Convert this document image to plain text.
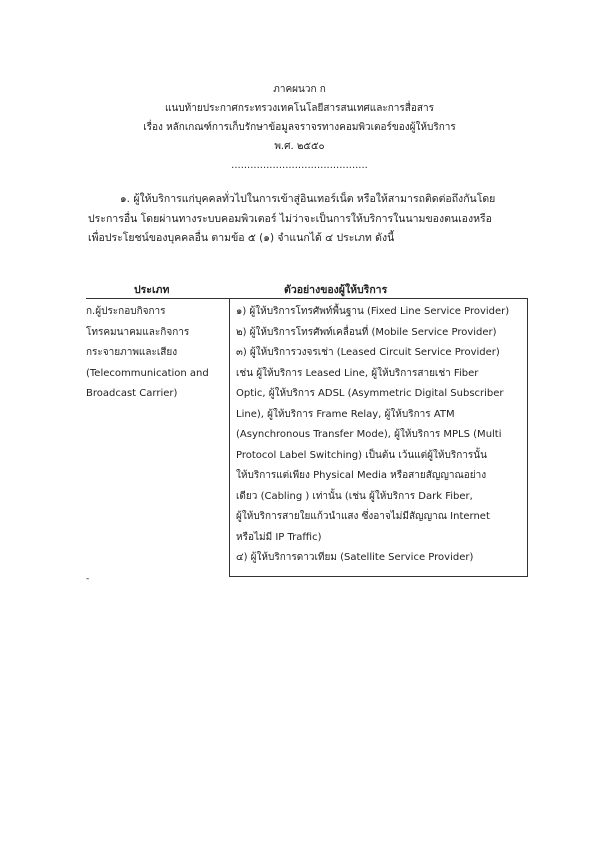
ภาคผนวก ก
แนบท้ายประกาศกระทรวงเทคโนโลยีสารสนเทศและการสื่อสาร
เรื่อง หลักเกณฑ์การเก็บรักษาข้อมูลจราจรทางคอมพิวเตอร์ของผู้ให้บริการ
พ.ศ. ๒๕๕๐
...........................................
๑. ผู้ให้บริการแก่บุคคลทั่วไปในการเข้าสู่อินเทอร์เน็ต หรือให้สามารถติดต่อถึงกันโดย
ประการอื่น โดยผ่านทางระบบคอมพิวเตอร์ ไม่ว่าจะเป็นการให้บริการในนามของตนเองหรือ
เพื่อประโยชน์ของบุคคลอื่น ตามข้อ ๕ (๑) จำแนกได้ ๔ ประเภท ดังนี้
ประเภท	ตัวอย่างของผู้ให้บริการ
ก.ผู้ประกอบกิจการ
โทรคมนาคมและกิจการ
กระจายภาพและเสียง
(Telecommunication and
Broadcast Carrier)
๑) ผู้ให้บริการโทรศัพท์พื้นฐาน (Fixed Line Service Provider)
๒) ผู้ให้บริการโทรศัพท์เคลื่อนที่ (Mobile Service Provider)
๓) ผู้ให้บริการวงจรเช่า (Leased Circuit Service Provider)
เช่น ผู้ให้บริการ Leased Line, ผู้ให้บริการสายเช่า Fiber
Optic, ผู้ให้บริการ ADSL (Asymmetric Digital Subscriber
Line), ผู้ให้บริการ Frame Relay, ผู้ให้บริการ ATM
(Asynchronous Transfer Mode), ผู้ให้บริการ MPLS (Multi
Protocol Label Switching) เป็นต้น เว้นแต่ผู้ให้บริการนั้น
ให้บริการแต่เพียง Physical Media หรือสายสัญญาณอย่าง
เดียว (Cabling ) เท่านั้น (เช่น ผู้ให้บริการ Dark Fiber,
ผู้ให้บริการสายใยแก้วนำแสง ซึ่งอาจไม่มีสัญญาณ Internet
หรือไม่มี IP Traffic)
๔) ผู้ให้บริการดาวเทียม (Satellite Service Provider)
-
